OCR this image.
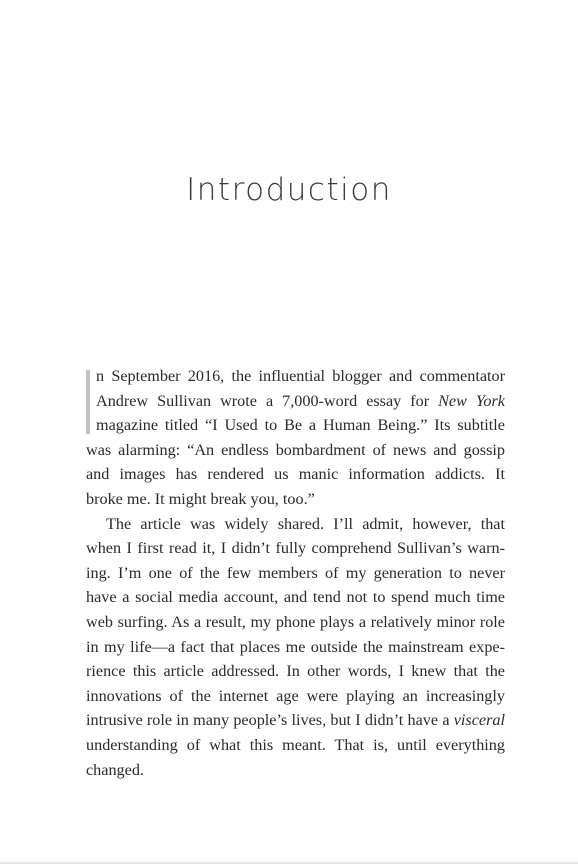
Introduction

n September 2016, the influential blogger and commentator
Andrew Sullivan wrote a 7,000-word essay for New York
magazine titled “I Used to Be a Human Being.” Its subtitle
was alarming: “An endless bombardment of news and gossip
and images has rendered us manic information addicts. It
broke me. It might break you, too.”

The article was widely shared. I’ll admit, however, that
when I first read it, I didn’t fully comprehend Sullivan’s warn-
ing. I’m one of the few members of my generation to never
have a social media account, and tend not to spend much time
web surfing. As a result, my phone plays a relatively minor role
in my life—a fact that places me outside the mainstream expe-
rience this article addressed. In other words, I knew that the
innovations of the internet age were playing an increasingly
intrusive role in many people’s lives, but I didn’t have a visceral
understanding of what this meant. That is, until everything
changed.
